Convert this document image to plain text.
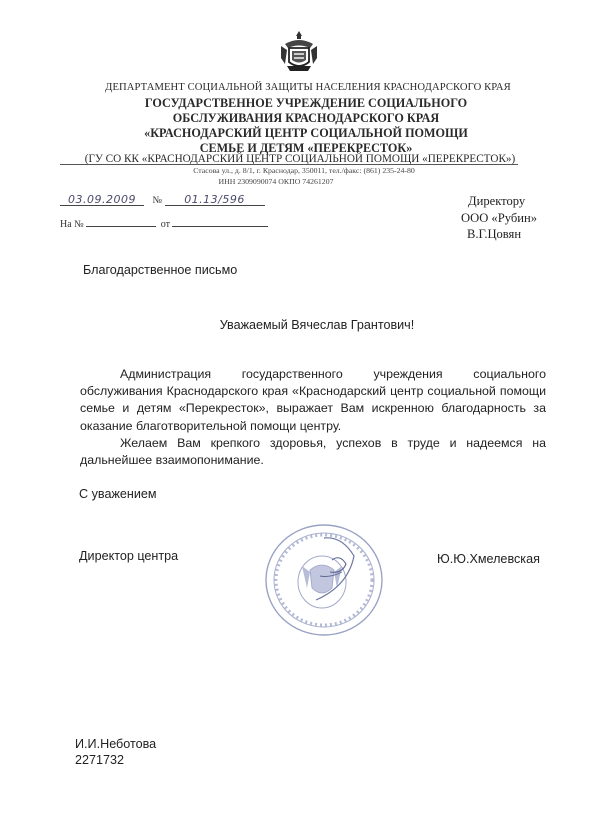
ДЕПАРТАМЕНТ СОЦИАЛЬНОЙ ЗАЩИТЫ НАСЕЛЕНИЯ КРАСНОДАРСКОГО КРАЯ
ГОСУДАРСТВЕННОЕ УЧРЕЖДЕНИЕ СОЦИАЛЬНОГО
ОБСЛУЖИВАНИЯ КРАСНОДАРСКОГО КРАЯ
«КРАСНОДАРСКИЙ ЦЕНТР СОЦИАЛЬНОЙ ПОМОЩИ
СЕМЬЕ И ДЕТЯМ «ПЕРЕКРЕСТОК»
(ГУ СО КК «КРАСНОДАРСКИЙ ЦЕНТР СОЦИАЛЬНОЙ ПОМОЩИ «ПЕРЕКРЕСТОК»)
Стасова ул., д. 8/1, г. Краснодар, 350011, тел./факс: (861) 235-24-80
ИНН 2309090074 ОКПО 74261207
03.09.2009 № 01.13/596
На №	от
Директору
ООО «Рубин»
В.Г.Цовян
Благодарственное письмо
Уважаемый Вячеслав Грантович!

Администрация государственного учреждения социального обслуживания Краснодарского края «Краснодарский центр социальной помощи семье и детям «Перекресток», выражает Вам искренною благодарность за оказание благотворительной помощи центру.

Желаем Вам крепкого здоровья, успехов в труде и надеемся на дальнейшее взаимопонимание.

С уважением
Директор центра	Ю.Ю.Хмелевская
И.И.Неботова
2271732
